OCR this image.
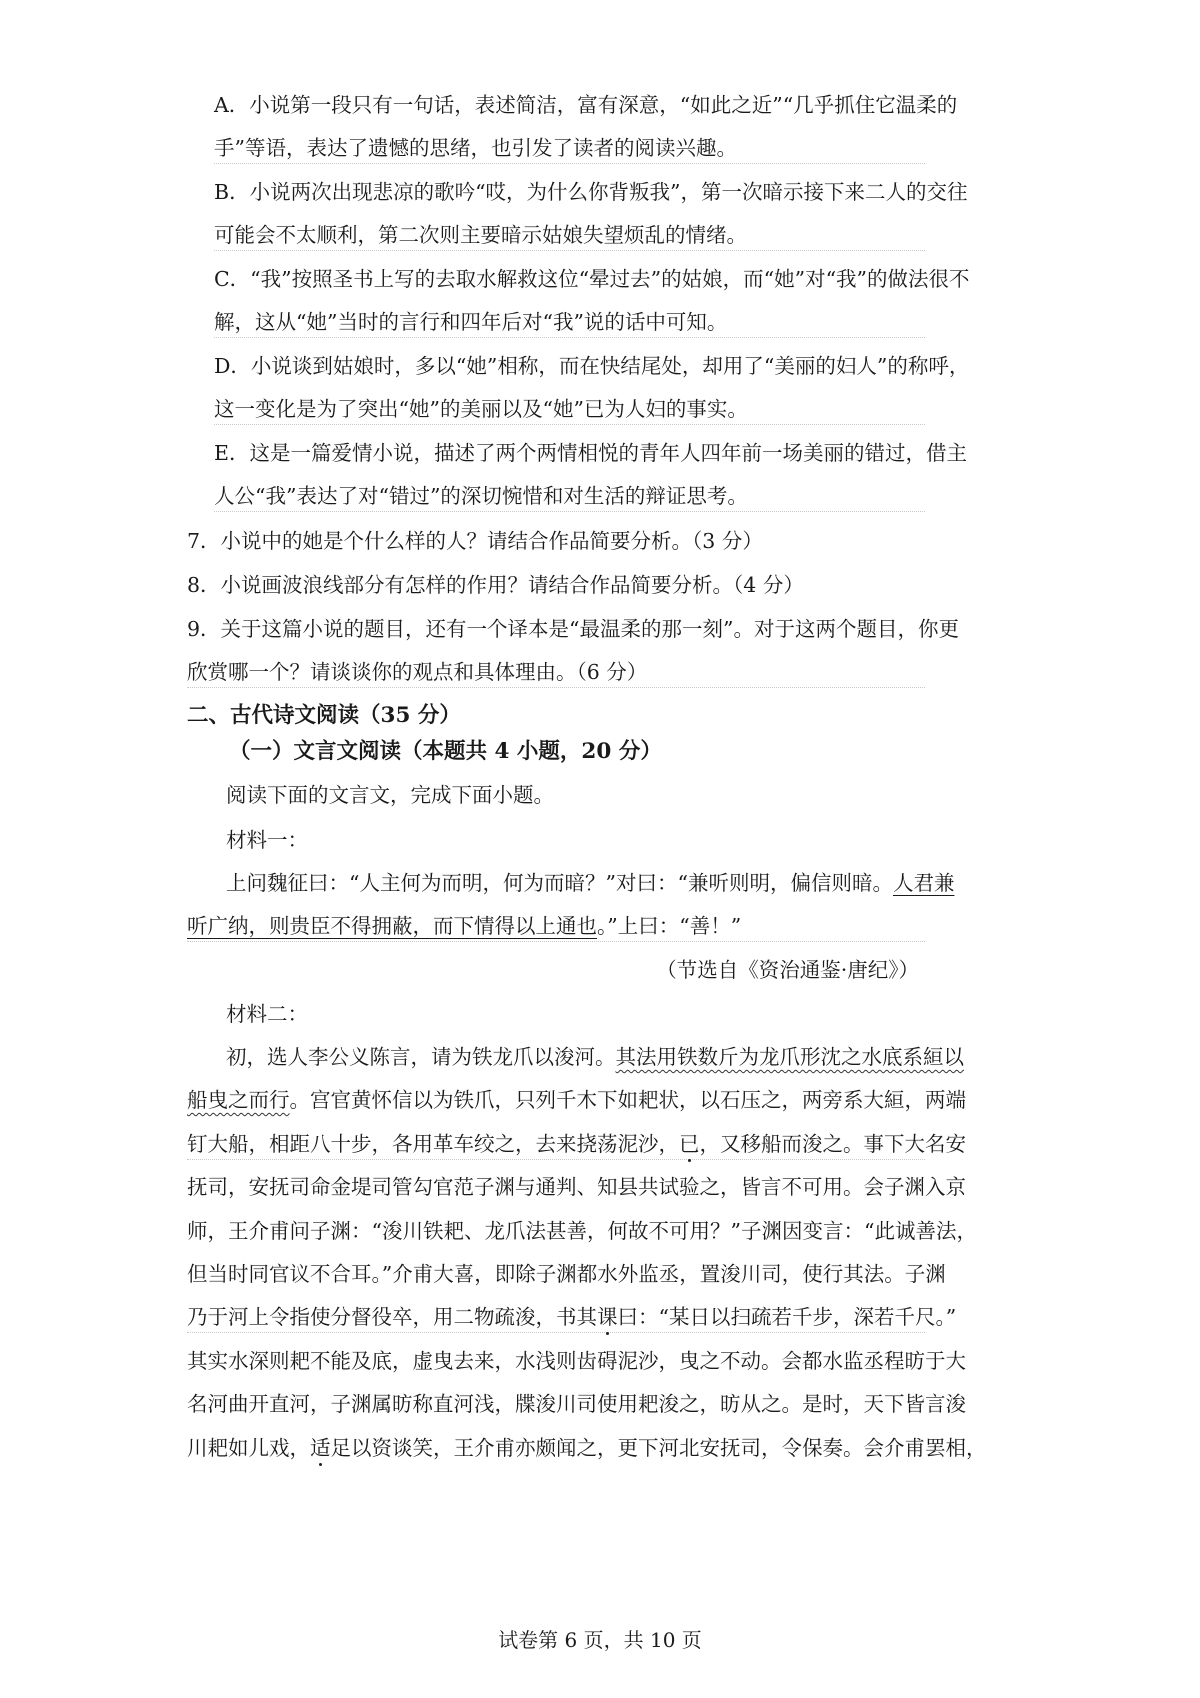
A．小说第一段只有一句话，表述简洁，富有深意，“如此之近”“几乎抓住它温柔的
手”等语，表达了遗憾的思绪，也引发了读者的阅读兴趣。
B．小说两次出现悲凉的歌吟“哎，为什么你背叛我”，第一次暗示接下来二人的交往
可能会不太顺利，第二次则主要暗示姑娘失望烦乱的情绪。
C．“我”按照圣书上写的去取水解救这位“晕过去”的姑娘，而“她”对“我”的做法很不
解，这从“她”当时的言行和四年后对“我”说的话中可知。
D．小说谈到姑娘时，多以“她”相称，而在快结尾处，却用了“美丽的妇人”的称呼，
这一变化是为了突出“她”的美丽以及“她”已为人妇的事实。
E．这是一篇爱情小说，描述了两个两情相悦的青年人四年前一场美丽的错过，借主
人公“我”表达了对“错过”的深切惋惜和对生活的辩证思考。
7．小说中的她是个什么样的人？请结合作品简要分析。（3 分）
8．小说画波浪线部分有怎样的作用？请结合作品简要分析。（4 分）
9．关于这篇小说的题目，还有一个译本是“最温柔的那一刻”。对于这两个题目，你更
欣赏哪一个？请谈谈你的观点和具体理由。（6 分）
二、古代诗文阅读（35 分）
（一）文言文阅读（本题共 4 小题，20 分）
阅读下面的文言文，完成下面小题。
材料一：
上问魏征曰：“人主何为而明，何为而暗？”对曰：“兼听则明，偏信则暗。人君兼
听广纳，则贵臣不得拥蔽，而下情得以上通也。”上曰：“善！”
（节选自《资治通鉴·唐纪》）
材料二：
初，选人李公义陈言，请为铁龙爪以浚河。其法用铁数斤为龙爪形沈之水底系絙以
船曳之而行。宫官黄怀信以为铁爪，只列千木下如耙状，以石压之，两旁系大絙，两端
钉大船，相距八十步，各用革车绞之，去来挠荡泥沙，已，又移船而浚之。事下大名安
抚司，安抚司命金堤司管勾官范子渊与通判、知县共试验之，皆言不可用。会子渊入京
师，王介甫问子渊：“浚川铁耙、龙爪法甚善，何故不可用？”子渊因变言：“此诚善法，
但当时同官议不合耳。”介甫大喜，即除子渊都水外监丞，置浚川司，使行其法。子渊
乃于河上令指使分督役卒，用二物疏浚，书其课曰：“某日以扫疏若千步，深若千尺。”
其实水深则耙不能及底，虚曳去来，水浅则齿碍泥沙，曳之不动。会都水监丞程昉于大
名河曲开直河，子渊属昉称直河浅，牒浚川司使用耙浚之，昉从之。是时，天下皆言浚
川耙如儿戏，适足以资谈笑，王介甫亦颇闻之，更下河北安抚司，令保奏。会介甫罢相，
试卷第 6 页，共 10 页
